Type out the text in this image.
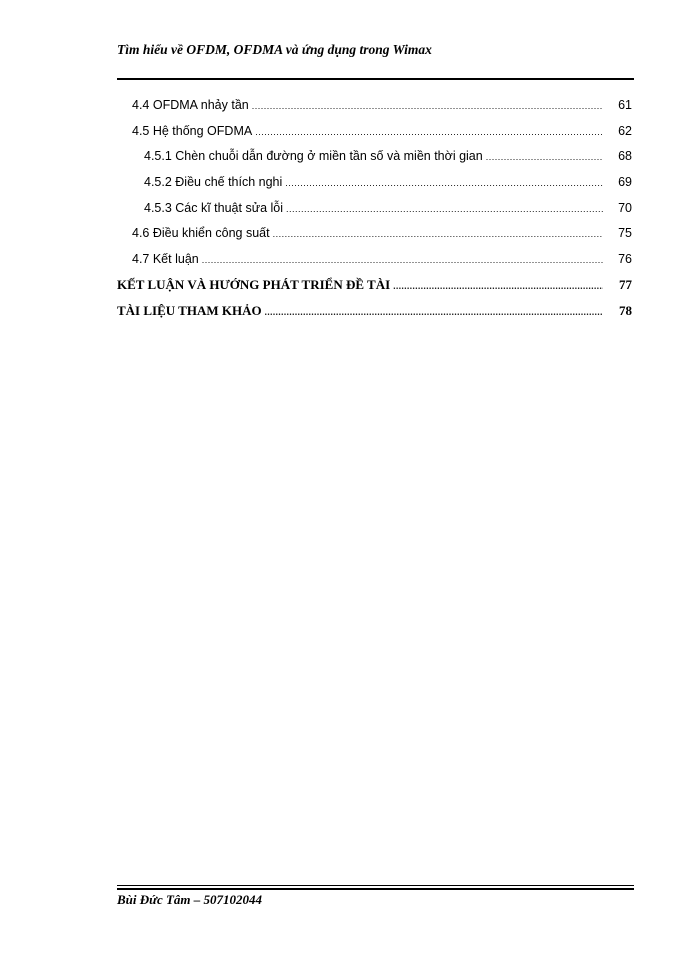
Tìm hiểu về OFDM, OFDMA và ứng dụng trong Wimax
4.4 OFDMA nhảy tần .....	61
4.5 Hệ thống OFDMA .....	62
4.5.1 Chèn chuỗi dẫn đường ở miền tần số và miền thời gian .....	68
4.5.2 Điều chế thích nghi .....	69
4.5.3 Các kĩ thuật sửa lỗi .....	70
4.6 Điều khiển công suất .....	75
4.7 Kết luận .....	76
KẾT LUẬN VÀ HƯỚNG PHÁT TRIỂN ĐỀ TÀI .....	77
TÀI LIỆU THAM KHẢO .....	78
Bùi Đức Tâm – 507102044
